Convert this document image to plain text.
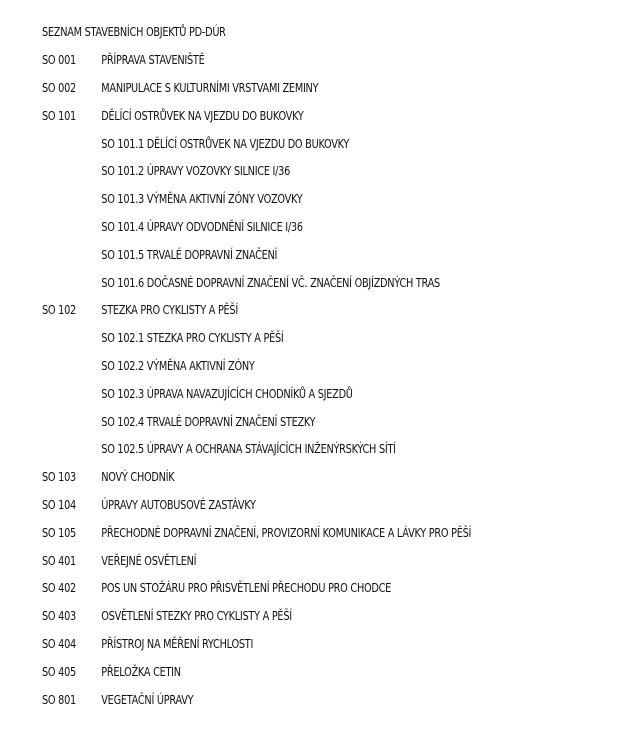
SEZNAM STAVEBNÍCH OBJEKTŮ PD-DÚR
SO 001	PŘÍPRAVA STAVENIŠTĚ
SO 002	MANIPULACE S KULTURNÍMI VRSTVAMI ZEMINY
SO 101	DĚLÍCÍ OSTRŮVEK NA VJEZDU DO BUKOVKY
SO 101.1 DĚLÍCÍ OSTRŮVEK NA VJEZDU DO BUKOVKY
SO 101.2 ÚPRAVY VOZOVKY SILNICE I/36
SO 101.3 VÝMĚNA AKTIVNÍ ZÓNY VOZOVKY
SO 101.4 ÚPRAVY ODVODNĚNÍ SILNICE I/36
SO 101.5 TRVALÉ DOPRAVNÍ ZNAČENÍ
SO 101.6 DOČASNÉ DOPRAVNÍ ZNAČENÍ VČ. ZNAČENÍ OBJÍZDNÝCH TRAS
SO 102	STEZKA PRO CYKLISTY A PĚŠÍ
SO 102.1 STEZKA PRO CYKLISTY A PĚŠÍ
SO 102.2 VÝMĚNA AKTIVNÍ ZÓNY
SO 102.3 ÚPRAVA NAVAZUJÍCÍCH CHODNÍKŮ A SJEZDŮ
SO 102.4 TRVALÉ DOPRAVNÍ ZNAČENÍ STEZKY
SO 102.5 ÚPRAVY A OCHRANA STÁVAJÍCÍCH INŽENÝRSKÝCH SÍTÍ
SO 103	NOVÝ CHODNÍK
SO 104	ÚPRAVY AUTOBUSOVÉ ZASTÁVKY
SO 105	PŘECHODNÉ DOPRAVNÍ ZNAČENÍ, PROVIZORNÍ KOMUNIKACE A LÁVKY PRO PĚŠÍ
SO 401	VEŘEJNÉ OSVĚTLENÍ
SO 402	POS UN STOŽÁRU PRO PŘISVĚTLENÍ PŘECHODU PRO CHODCE
SO 403	OSVĚTLENÍ STEZKY PRO CYKLISTY A PĚŠÍ
SO 404	PŘÍSTROJ NA MĚŘENÍ RYCHLOSTI
SO 405	PŘELOŽKA CETIN
SO 801	VEGETAČNÍ ÚPRAVY
